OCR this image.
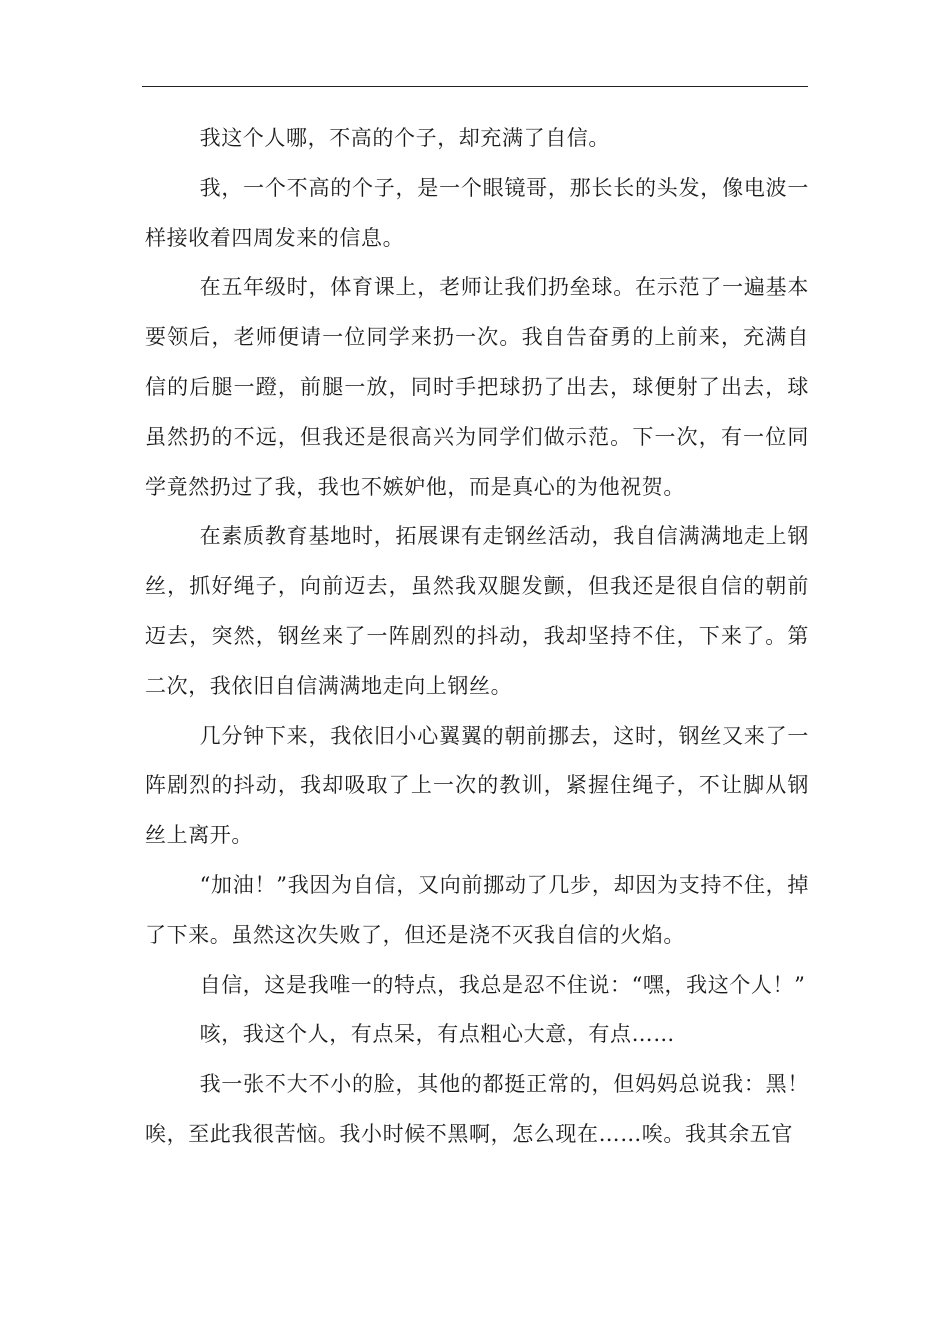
我这个人哪，不高的个子，却充满了自信。

我，一个不高的个子，是一个眼镜哥，那长长的头发，像电波一样接收着四周发来的信息。

在五年级时，体育课上，老师让我们扔垒球。在示范了一遍基本要领后，老师便请一位同学来扔一次。我自告奋勇的上前来，充满自信的后腿一蹬，前腿一放，同时手把球扔了出去，球便射了出去，球虽然扔的不远，但我还是很高兴为同学们做示范。下一次，有一位同学竟然扔过了我，我也不嫉妒他，而是真心的为他祝贺。

在素质教育基地时，拓展课有走钢丝活动，我自信满满地走上钢丝，抓好绳子，向前迈去，虽然我双腿发颤，但我还是很自信的朝前迈去，突然，钢丝来了一阵剧烈的抖动，我却坚持不住，下来了。第二次，我依旧自信满满地走向上钢丝。

几分钟下来，我依旧小心翼翼的朝前挪去，这时，钢丝又来了一阵剧烈的抖动，我却吸取了上一次的教训，紧握住绳子，不让脚从钢丝上离开。

“加油！”我因为自信，又向前挪动了几步，却因为支持不住，掉了下来。虽然这次失败了，但还是浇不灭我自信的火焰。

自信，这是我唯一的特点，我总是忍不住说：“嘿，我这个人！”

咳，我这个人，有点呆，有点粗心大意，有点……

我一张不大不小的脸，其他的都挺正常的，但妈妈总说我：黑！唉，至此我很苦恼。我小时候不黑啊，怎么现在……唉。我其余五官
